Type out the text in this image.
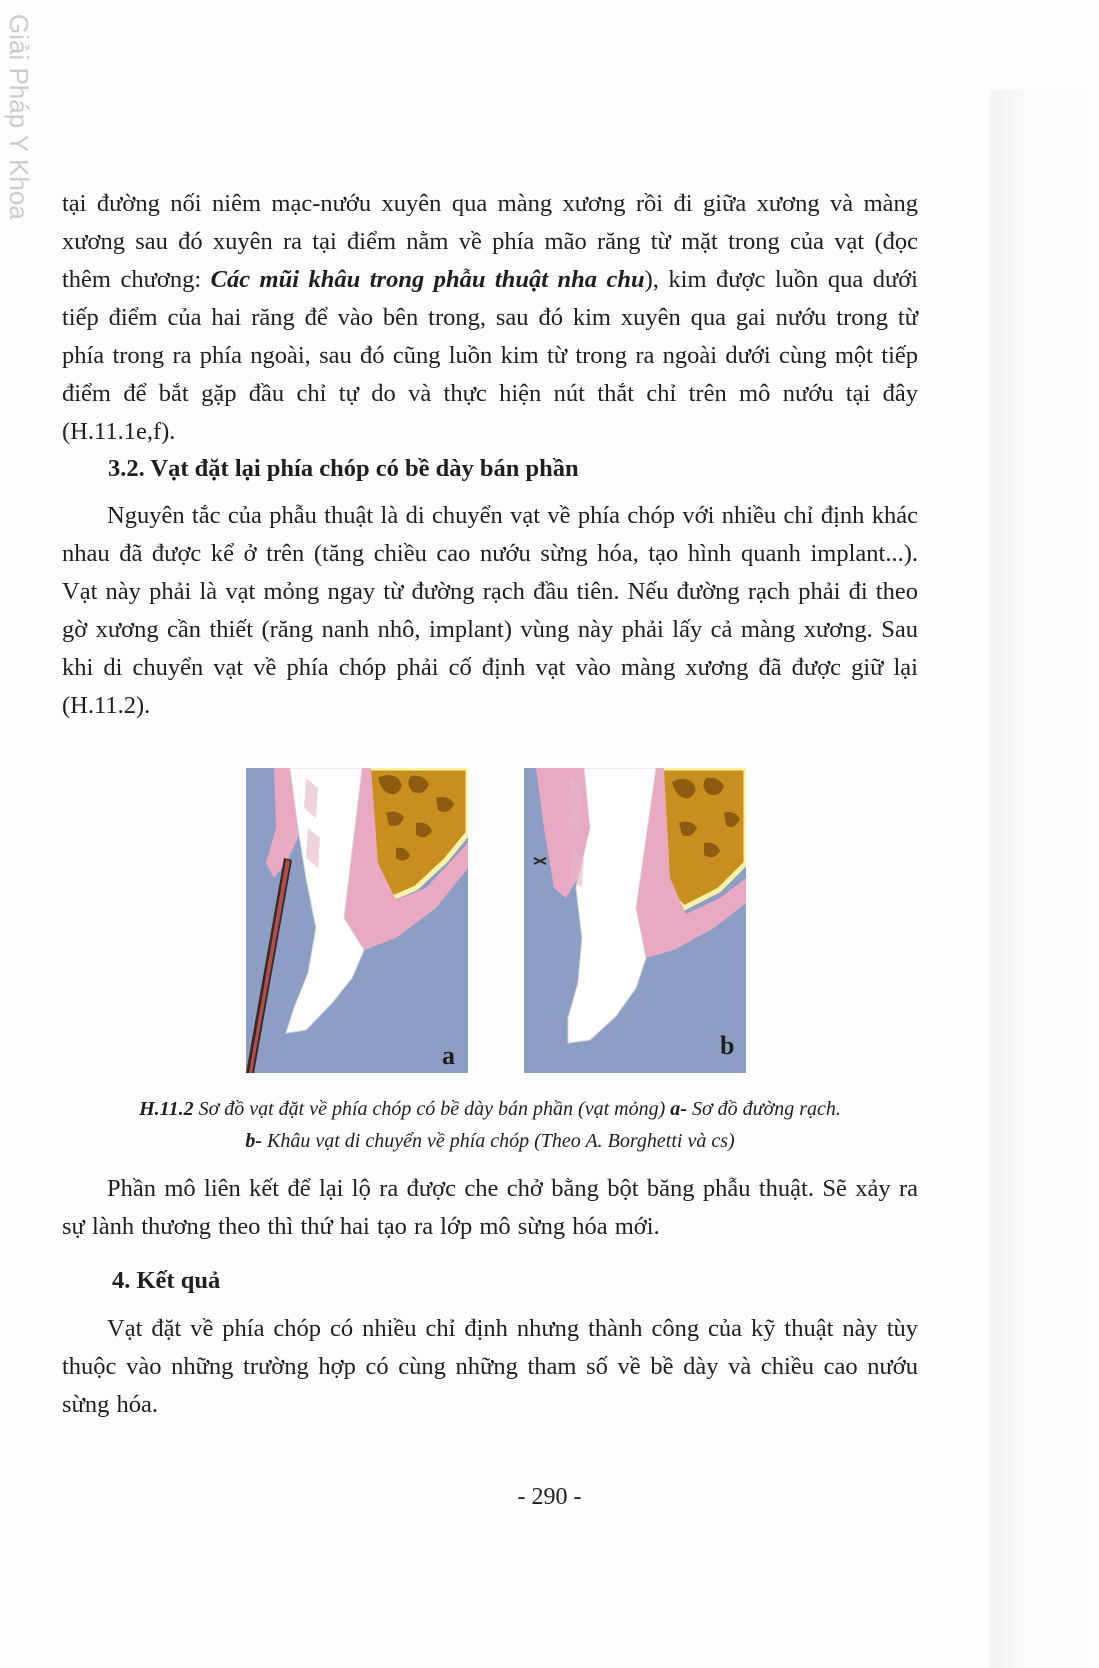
Giải Pháp Y Khoa tại đường nối niêm mạc-nướu xuyên qua màng xương rồi đi giữa xương và màng xương sau đó xuyên ra tại điểm nằm về phía mão răng từ mặt trong của vạt (đọc thêm chương: Các mũi khâu trong phẫu thuật nha chu), kim được luồn qua dưới tiếp điểm của hai răng để vào bên trong, sau đó kim xuyên qua gai nướu trong từ phía trong ra phía ngoài, sau đó cũng luồn kim từ trong ra ngoài dưới cùng một tiếp điểm để bắt gặp đầu chỉ tự do và thực hiện nút thắt chỉ trên mô nướu tại đây (H.11.1e,f).

3.2. Vạt đặt lại phía chóp có bề dày bán phần

Nguyên tắc của phẫu thuật là di chuyển vạt về phía chóp với nhiều chỉ định khác nhau đã được kể ở trên (tăng chiều cao nướu sừng hóa, tạo hình quanh implant...). Vạt này phải là vạt mỏng ngay từ đường rạch đầu tiên. Nếu đường rạch phải đi theo gờ xương cần thiết (răng nanh nhô, implant) vùng này phải lấy cả màng xương. Sau khi di chuyển vạt về phía chóp phải cố định vạt vào màng xương đã được giữ lại (H.11.2).

a	b
H.11.2 Sơ đồ vạt đặt về phía chóp có bề dày bán phần (vạt mỏng) a- Sơ đồ đường rạch.
b- Khâu vạt di chuyển về phía chóp (Theo A. Borghetti và cs)

Phần mô liên kết để lại lộ ra được che chở bằng bột băng phẫu thuật. Sẽ xảy ra sự lành thương theo thì thứ hai tạo ra lớp mô sừng hóa mới.

4. Kết quả

Vạt đặt về phía chóp có nhiều chỉ định nhưng thành công của kỹ thuật này tùy thuộc vào những trường hợp có cùng những tham số về bề dày và chiều cao nướu sừng hóa.

- 290 -
